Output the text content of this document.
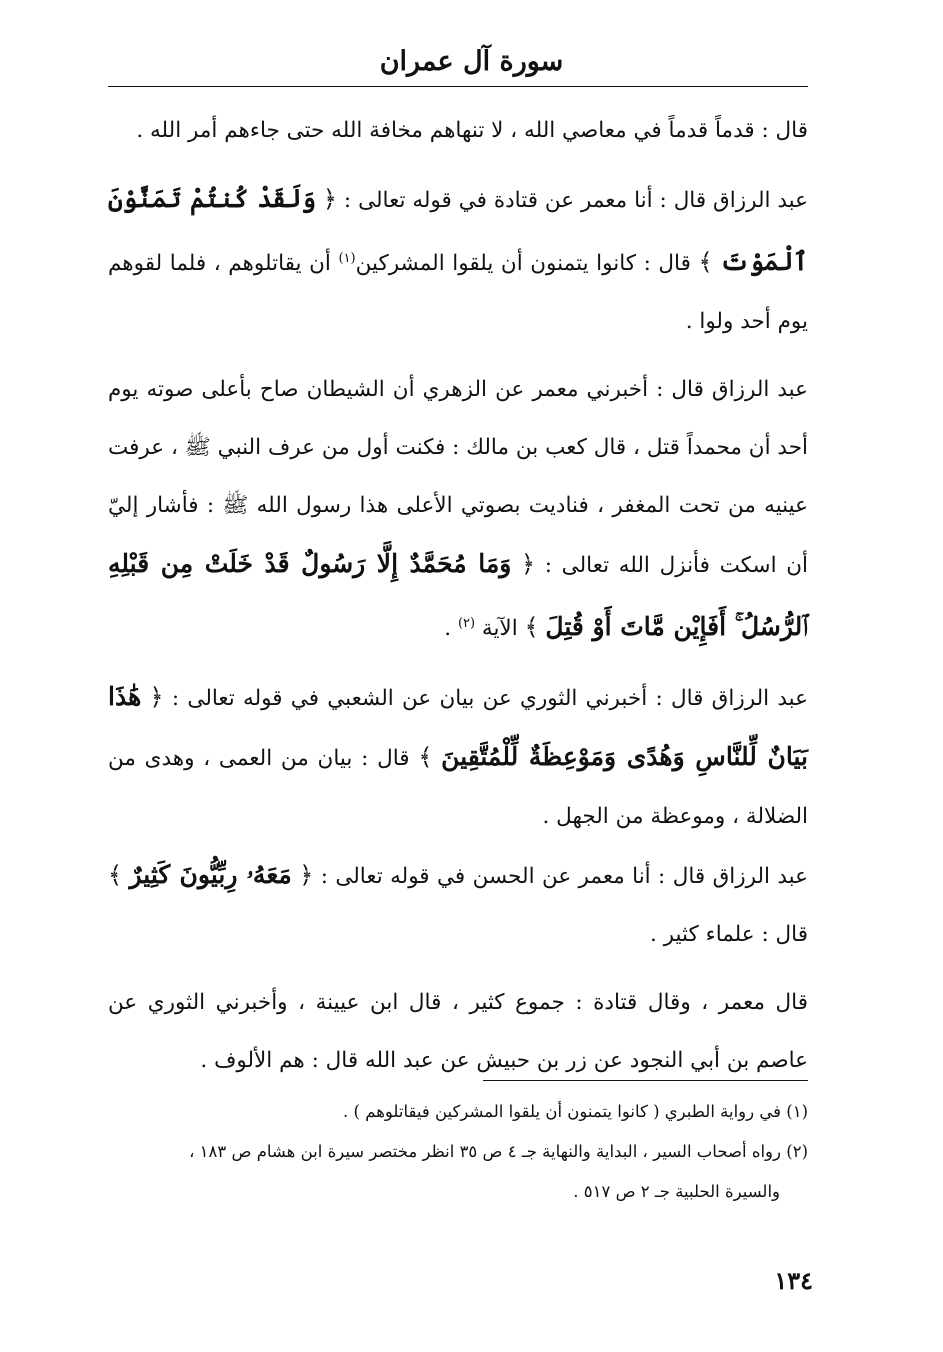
سورة آل عمران

قال : قدماً قدماً في معاصي الله ، لا تنهاهم مخافة الله حتى جاءهم أمر الله .

عبد الرزاق قال : أنا معمر عن قتادة في قوله تعالى : ﴿ وَلَقَدْ كُنتُمْ تَمَنَّوْنَ ٱلْمَوْتَ ﴾ قال : كانوا يتمنون أن يلقوا المشركين$^{(١)}$ أن يقاتلوهم ، فلما لقوهم يوم أحد ولوا .

عبد الرزاق قال : أخبرني معمر عن الزهري أن الشيطان صاح بأعلى صوته يوم أحد أن محمداً قتل ، قال كعب بن مالك : فكنت أول من عرف النبي ﷺ ، عرفت عينيه من تحت المغفر ، فناديت بصوتي الأعلى هذا رسول الله ﷺ : فأشار إليّ أن اسكت فأنزل الله تعالى : ﴿ وَمَا مُحَمَّدٌ إِلَّا رَسُولٌ قَدْ خَلَتْ مِن قَبْلِهِ ٱلرُّسُلُ ۚ أَفَإِيْن مَّاتَ أَوْ قُتِلَ ﴾ الآية $^{(٢)}$ .

عبد الرزاق قال : أخبرني الثوري عن بيان عن الشعبي في قوله تعالى : ﴿ هَٰذَا بَيَانٌ لِّلنَّاسِ وَهُدًى وَمَوْعِظَةٌ لِّلْمُتَّقِينَ ﴾ قال : بيان من العمى ، وهدى من الضلالة ، وموعظة من الجهل .

عبد الرزاق قال : أنا معمر عن الحسن في قوله تعالى : ﴿ مَعَهُۥ رِبِّيُّونَ كَثِيرٌ ﴾ قال : علماء كثير .

قال معمر ، وقال قتادة : جموع كثير ، قال ابن عيينة ، وأخبرني الثوري عن عاصم بن أبي النجود عن زر بن حبيش عن عبد الله قال : هم الألوف .

(١) في رواية الطبري ( كانوا يتمنون أن يلقوا المشركين فيقاتلوهم ) .

(٢) رواه أصحاب السير ، البداية والنهاية جـ ٤ ص ٣٥ انظر مختصر سيرة ابن هشام ص ١٨٣ ،

والسيرة الحلبية جـ ٢ ص ٥١٧ .

١٣٤
